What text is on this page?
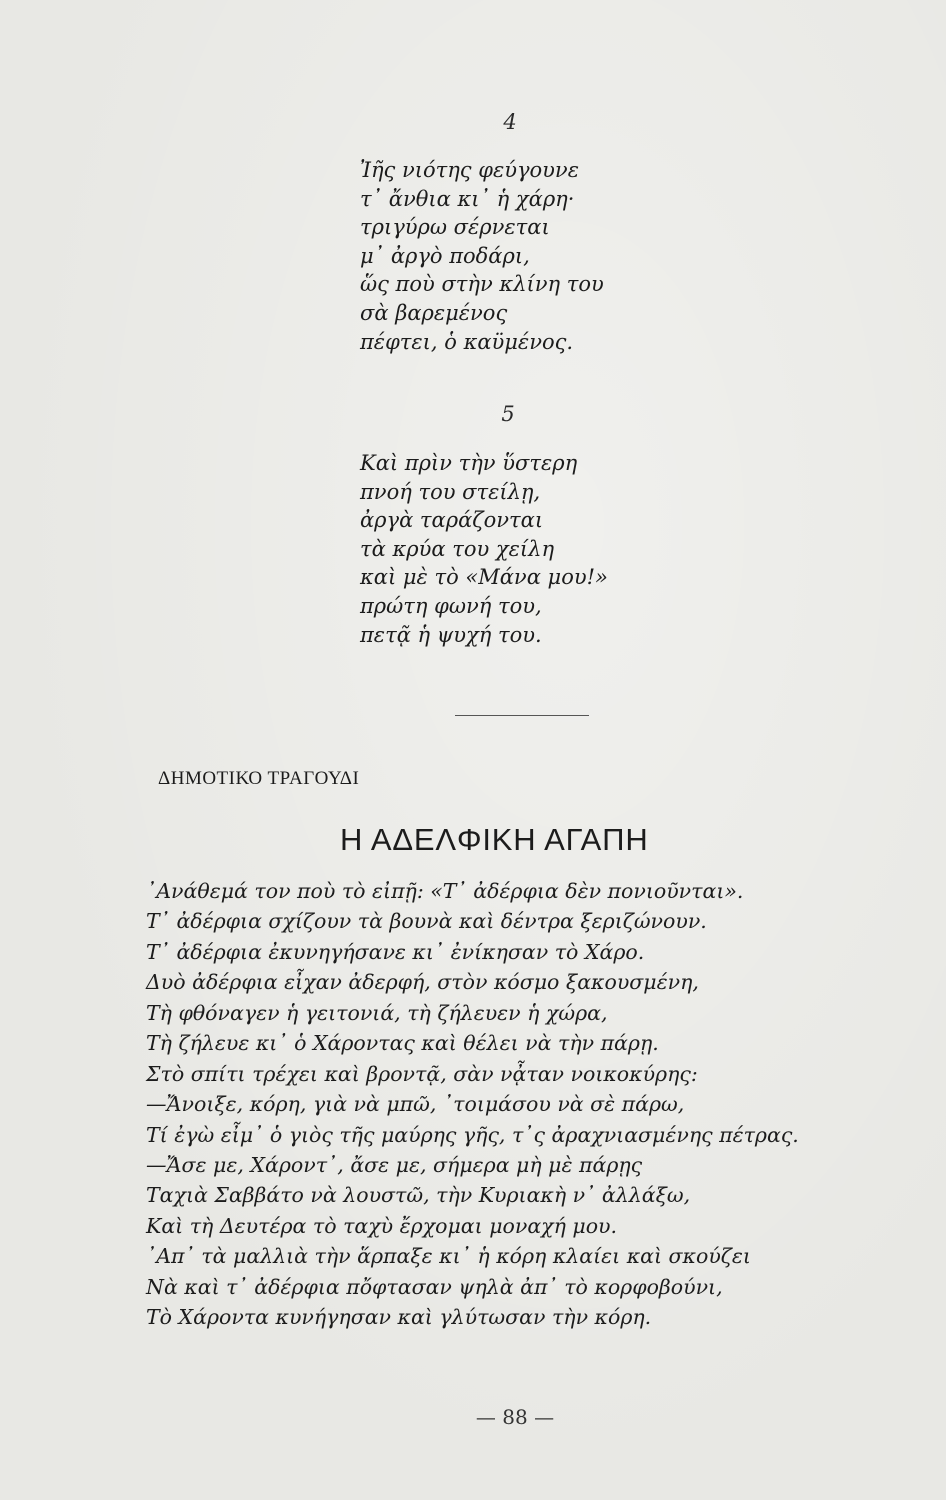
4
Ἰῆς νιότης φεύγουνε
τ᾽ ἄνθια κι᾽ ἡ χάρη·
τριγύρω σέρνεται
μ᾽ ἀργὸ ποδάρι,
ὥς ποὺ στὴν κλίνη του
σὰ βαρεμένος
πέφτει, ὁ καϋμένος.
5
Καὶ πρὶν τὴν ὕστερη
πνοή του στείλῃ,
ἀργὰ ταράζονται
τὰ κρύα του χείλη
καὶ μὲ τὸ «Μάνα μου!»
πρώτη φωνή του,
πετᾷ ἡ ψυχή του.
ΔΗΜΟΤΙΚΟ ΤΡΑΓΟΥΔΙ
Η ΑΔΕΛΦΙΚΗ ΑΓΑΠΗ
᾿Ανάθεμά τον ποὺ τὸ εἰπῇ: «Τ᾽ ἀδέρφια δὲν πονιοῦνται».
Τ᾽ ἀδέρφια σχίζουν τὰ βουνὰ καὶ δέντρα ξεριζώνουν.
Τ᾽ ἀδέρφια ἐκυνηγήσανε κι᾽ ἐνίκησαν τὸ Χάρο.
Δυὸ ἀδέρφια εἶχαν ἀδερφή, στὸν κόσμο ξακουσμένη,
Τὴ φθόναγεν ἡ γειτονιά, τὴ ζήλευεν ἡ χώρα,
Τὴ ζήλευε κι᾽ ὁ Χάροντας καὶ θέλει νὰ τὴν πάρῃ.
Στὸ σπίτι τρέχει καὶ βροντᾷ, σὰν νᾆταν νοικοκύρης:
—Ἄνοιξε, κόρη, γιὰ νὰ μπῶ, ᾿τοιμάσου νὰ σὲ πάρω,
Τί ἐγὼ εἶμ᾽ ὁ γιὸς τῆς μαύρης γῆς, τ᾽ς ἀραχνιασμένης πέτρας.
—Ἄσε με, Χάροντ᾽, ἄσε με, σήμερα μὴ μὲ πάρῃς
Ταχιὰ Σαββάτο νὰ λουστῶ, τὴν Κυριακὴ ν᾽ ἀλλάξω,
Καὶ τὴ Δευτέρα τὸ ταχὺ ἔρχομαι μοναχή μου.
᾿Απ᾽ τὰ μαλλιὰ τὴν ἅρπαξε κι᾽ ἡ κόρη κλαίει καὶ σκούζει
Νὰ καὶ τ᾽ ἀδέρφια πὄφτασαν ψηλὰ ἀπ᾽ τὸ κορφοβούνι,
Τὸ Χάροντα κυνήγησαν καὶ γλύτωσαν τὴν κόρη.
— 88 —
